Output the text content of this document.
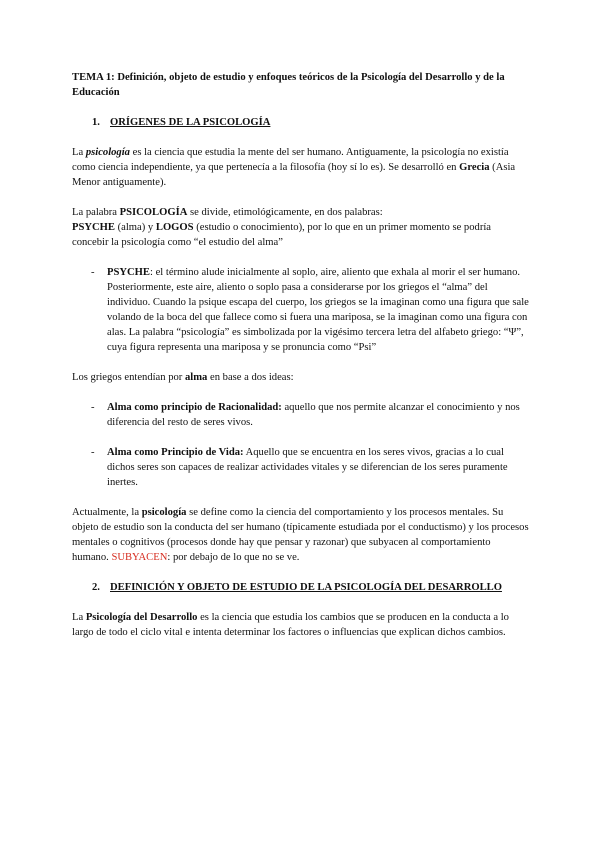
TEMA 1: Definición, objeto de estudio y enfoques teóricos de la Psicología del Desarrollo y de la Educación

1. ORÍGENES DE LA PSICOLOGÍA

La psicología es la ciencia que estudia la mente del ser humano. Antiguamente, la psicología no existía como ciencia independiente, ya que pertenecía a la filosofía (hoy sí lo es). Se desarrolló en Grecia (Asia Menor antiguamente).

La palabra PSICOLOGÍA se divide, etimológicamente, en dos palabras:
PSYCHE (alma) y LOGOS (estudio o conocimiento), por lo que en un primer momento se podría concebir la psicología como “el estudio del alma”

- PSYCHE: el término alude inicialmente al soplo, aire, aliento que exhala al morir el ser humano. Posteriormente, este aire, aliento o soplo pasa a considerarse por los griegos el “alma” del individuo. Cuando la psique escapa del cuerpo, los griegos se la imaginan como una figura que sale volando de la boca del que fallece como si fuera una mariposa, se la imaginan como una figura con alas. La palabra “psicología” es simbolizada por la vigésimo tercera letra del alfabeto griego: “Ψ”, cuya figura representa una mariposa y se pronuncia como “Psi”

Los griegos entendían por alma en base a dos ideas:

- Alma como principio de Racionalidad: aquello que nos permite alcanzar el conocimiento y nos diferencia del resto de seres vivos.

- Alma como Principio de Vida: Aquello que se encuentra en los seres vivos, gracias a lo cual dichos seres son capaces de realizar actividades vitales y se diferencian de los seres puramente inertes.

Actualmente, la psicología se define como la ciencia del comportamiento y los procesos mentales. Su objeto de estudio son la conducta del ser humano (típicamente estudiada por el conductismo) y los procesos mentales o cognitivos (procesos donde hay que pensar y razonar) que subyacen al comportamiento humano. SUBYACEN: por debajo de lo que no se ve.

2. DEFINICIÓN Y OBJETO DE ESTUDIO DE LA PSICOLOGÍA DEL DESARROLLO

La Psicología del Desarrollo es la ciencia que estudia los cambios que se producen en la conducta a lo largo de todo el ciclo vital e intenta determinar los factores o influencias que explican dichos cambios.
